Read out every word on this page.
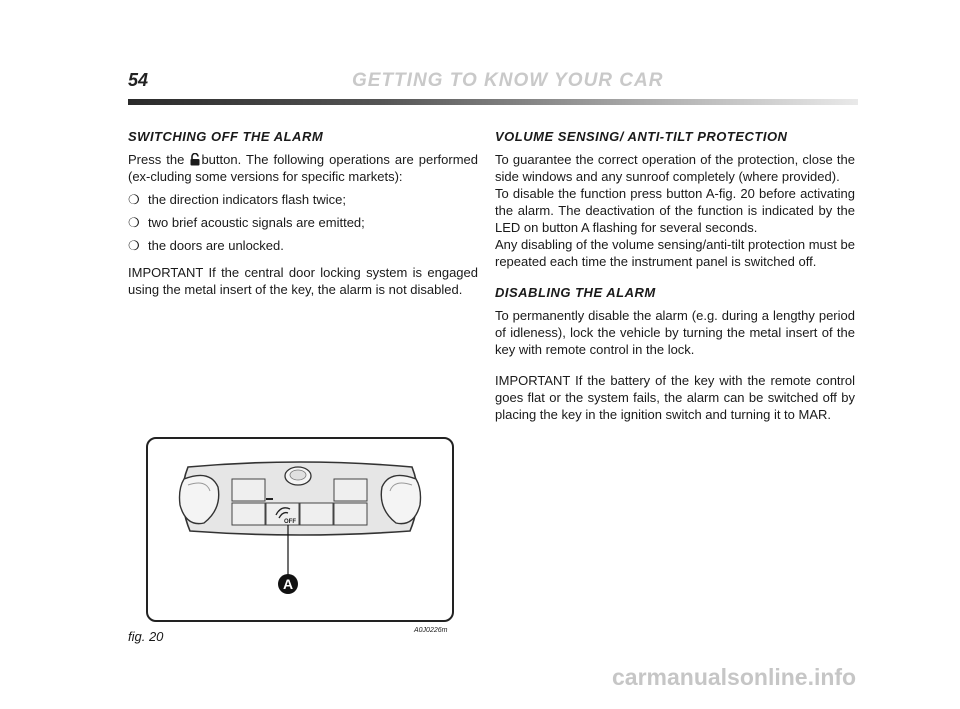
54	GETTING TO KNOW YOUR CAR
SWITCHING OFF THE ALARM

Press the button. The following operations are performed (ex-cluding some versions for specific markets):

❍ the direction indicators flash twice;
❍ two brief acoustic signals are emitted;
❍ the doors are unlocked.

IMPORTANT If the central door locking system is engaged using the metal insert of the key, the alarm is not disabled.

VOLUME SENSING/ ANTI-TILT PROTECTION

To guarantee the correct operation of the protection, close the side windows and any sunroof completely (where provided).

To disable the function press button A-fig. 20 before activating the alarm. The deactivation of the function is indicated by the LED on button A flashing for several seconds.

Any disabling of the volume sensing/anti-tilt protection must be repeated each time the instrument panel is switched off.

DISABLING THE ALARM

To permanently disable the alarm (e.g. during a lengthy period of idleness), lock the vehicle by turning the metal insert of the key with remote control in the lock.

IMPORTANT If the battery of the key with the remote control goes flat or the system fails, the alarm can be switched off by placing the key in the ignition switch and turning it to MAR.

OFF
A
fig. 20	A0J0226m
carmanualsonline.info
